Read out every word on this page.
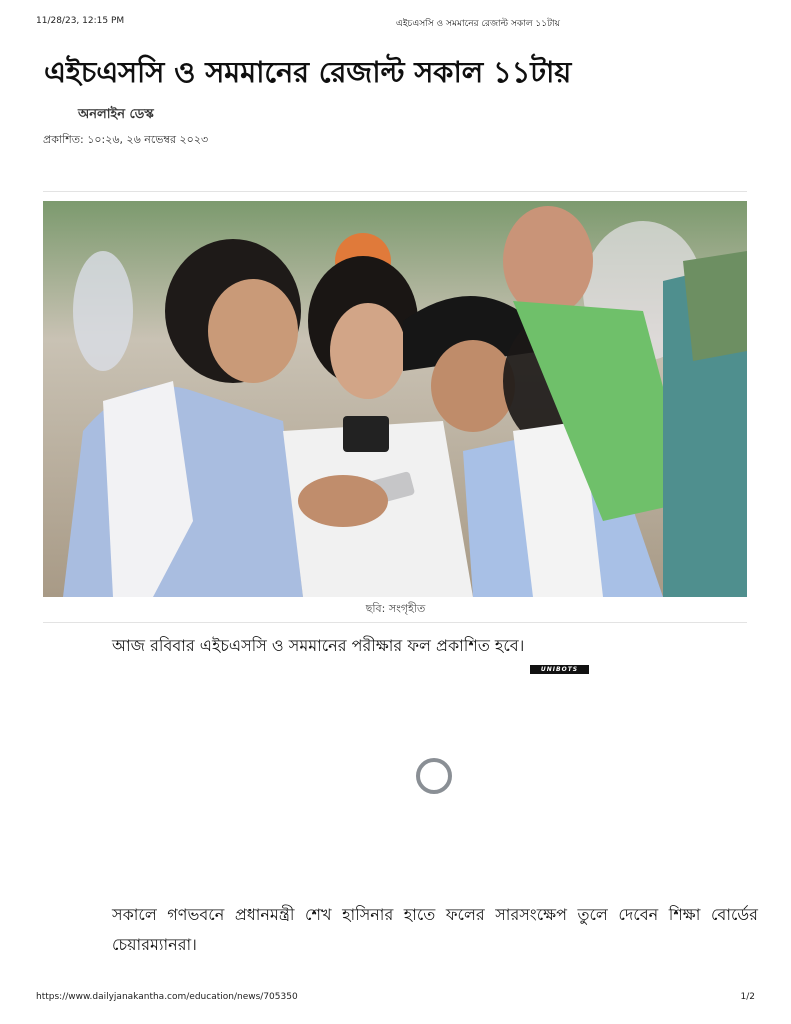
11/28/23, 12:15 PM	এইচএসসি ও সমমানের রেজাল্ট সকাল ১১টায়
এইচএসসি ও সমমানের রেজাল্ট সকাল ১১টায়
অনলাইন ডেস্ক
প্রকাশিত: ১০:২৬, ২৬ নভেম্বর ২০২৩
ছবি: সংগৃহীত
আজ রবিবার এইচএসসি ও সমমানের পরীক্ষার ফল প্রকাশিত হবে।
UNIBOTS
সকালে গণভবনে প্রধানমন্ত্রী শেখ হাসিনার হাতে ফলের সারসংক্ষেপ তুলে দেবেন শিক্ষা বোর্ডের চেয়ারম্যানরা।
https://www.dailyjanakantha.com/education/news/705350	1/2
